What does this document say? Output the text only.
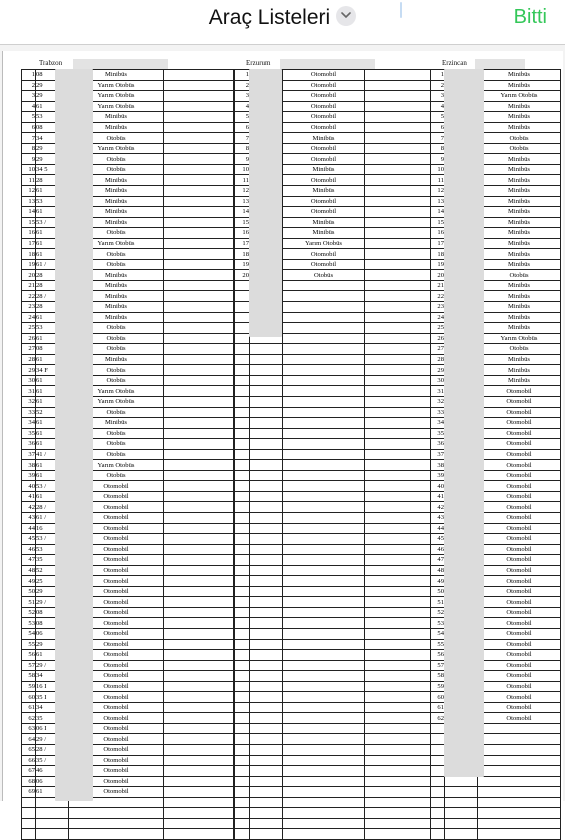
Araç Listeleri	Bitti
Trabzon	Erzurum	Erzincan
1	08	Minibüs	
2	29	Yarım Otobüs	
3	29	Yarım Otobüs	
4	61	Yarım Otobüs	
5	53	Minibüs	
6	08	Minibüs	
7	34	Otobüs	
8	29	Yarım Otobüs	
9	29	Otobüs	
10	34 5	Otobüs	
11	28	Minibüs	
12	61	Minibüs	
13	53	Minibüs	
14	61	Minibüs	
15	53 /	Minibüs	
16	61	Otobüs	
17	61	Yarım Otobüs	
18	61	Otobüs	
19	61 /	Otobüs	
20	28	Minibüs	
21	28	Minibüs	
22	28 /	Minibüs	
23	28	Minibüs	
24	61	Minibüs	
25	53	Otobüs	
26	61	Otobüs	
27	08	Otobüs	
28	61	Minibüs	
29	34 F	Otobüs	
30	61	Otobüs	
31	61	Yarım Otobüs	
32	61	Yarım Otobüs	
33	52	Otobüs	
34	61	Minibüs	
35	61	Otobüs	
36	61	Otobüs	
37	41 /	Otobüs	
38	61	Yarım Otobüs	
39	61	Otobüs	
40	53 /	Otomobil	
41	61	Otomobil	
42	28 /	Otomobil	
43	61 /	Otomobil	
44	16	Otomobil	
45	53 /	Otomobil	
46	53	Otomobil	
47	35	Otomobil	
48	52	Otomobil	
49	25	Otomobil	
50	29	Otomobil	
51	29 /	Otomobil	
52	08	Otomobil	
53	08	Otomobil	
54	06	Otomobil	
55	29	Otomobil	
56	61	Otomobil	
57	29 /	Otomobil	
58	34	Otomobil	
59	16 I	Otomobil	
60	35 I	Otomobil	
61	34	Otomobil	
62	35	Otomobil	
63	06 I	Otomobil	
64	29 /	Otomobil	
65	28 /	Otomobil	
66	35 /	Otomobil	
67	46	Otomobil	
68	06	Otomobil	
69	61	Otomobil	

1		Otomobil	
2		Otomobil	
3		Otomobil	
4		Otomobil	
5		Otomobil	
6		Otomobil	
7		Minibüs	
8		Otomobil	
9		Otomobil	
10		Minibüs	
11		Otomobil	
12		Minibüs	
13		Otomobil	
14		Otomobil	
15		Minibüs	
16		Minibüs	
17		Yarım Otobüs	
18		Otomobil	
19		Otomobil	
20		Otobüs	

1		Minibüs
2		Minibüs
3		Yarım Otobüs
4		Minibüs
5		Minibüs
6		Minibüs
7		Otobüs
8		Otobüs
9		Minibüs
10		Minibüs
11		Minibüs
12		Minibüs
13		Minibüs
14		Minibüs
15		Minibüs
16		Minibüs
17		Minibüs
18		Minibüs
19		Minibüs
20		Otobüs
21		Minibüs
22		Minibüs
23		Minibüs
24		Minibüs
25		Minibüs
26		Yarım Otobüs
27		Otobüs
28		Minibüs
29		Minibüs
30		Minibüs
31		Otomobil
32		Otomobil
33		Otomobil
34		Otomobil
35		Otomobil
36		Otomobil
37		Otomobil
38		Otomobil
39		Otomobil
40		Otomobil
41		Otomobil
42		Otomobil
43		Otomobil
44		Otomobil
45		Otomobil
46		Otomobil
47		Otomobil
48		Otomobil
49		Otomobil
50		Otomobil
51		Otomobil
52		Otomobil
53		Otomobil
54		Otomobil
55		Otomobil
56		Otomobil
57		Otomobil
58		Otomobil
59		Otomobil
60		Otomobil
61		Otomobil
62		Otomobil
